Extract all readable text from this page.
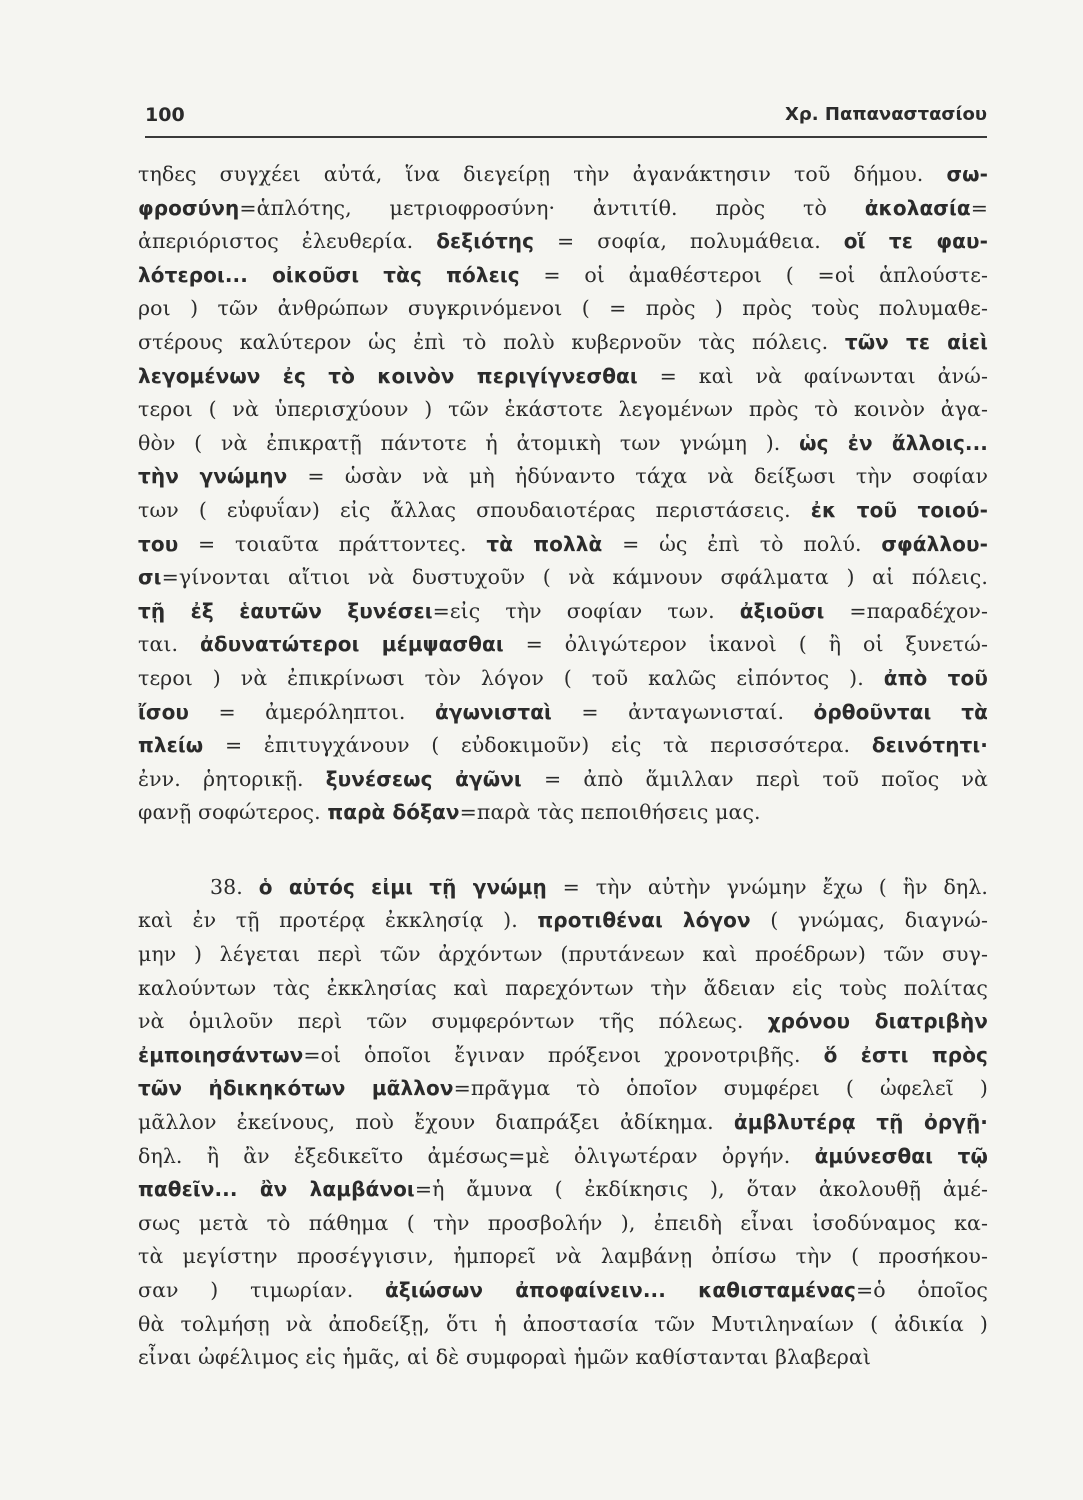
100	Χρ. Παπαναστασίου
τηδες συγχέει αὐτά, ἵνα διεγείρῃ τὴν ἀγανάκτησιν τοῦ δήμου. σω-
φροσύνη=ἁπλότης, μετριοφροσύνη· ἀντιτίθ. πρὸς τὸ ἀκολασία=
ἀπεριόριστος ἐλευθερία. δεξιότης = σοφία, πολυμάθεια. οἵ τε φαυ-
λότεροι... οἰκοῦσι τὰς πόλεις = οἱ ἀμαθέστεροι ( =οἱ ἁπλούστε-
ροι ) τῶν ἀνθρώπων συγκρινόμενοι ( = πρὸς ) πρὸς τοὺς πολυμαθε-
στέρους καλύτερον ὡς ἐπὶ τὸ πολὺ κυβερνοῦν τὰς πόλεις. τῶν τε αἰεὶ
λεγομένων ἐς τὸ κοινὸν περιγίγνεσθαι = καὶ νὰ φαίνωνται ἀνώ-
τεροι ( νὰ ὑπερισχύουν ) τῶν ἑκάστοτε λεγομένων πρὸς τὸ κοινὸν ἀγα-
θὸν ( νὰ ἐπικρατῇ πάντοτε ἡ ἀτομικὴ των γνώμη ). ὡς ἐν ἄλλοις...
τὴν γνώμην = ὡσὰν νὰ μὴ ἠδύναντο τάχα νὰ δείξωσι τὴν σοφίαν
των ( εὐφυΐαν) εἰς ἄλλας σπουδαιοτέρας περιστάσεις. ἐκ τοῦ τοιού-
του = τοιαῦτα πράττοντες. τὰ πολλὰ = ὡς ἐπὶ τὸ πολύ. σφάλλου-
σι=γίνονται αἴτιοι νὰ δυστυχοῦν ( νὰ κάμνουν σφάλματα ) αἱ πόλεις.
τῇ ἐξ ἑαυτῶν ξυνέσει=εἰς τὴν σοφίαν των. ἀξιοῦσι =παραδέχον-
ται. ἀδυνατώτεροι μέμψασθαι = ὀλιγώτερον ἱκανοὶ ( ἢ οἱ ξυνετώ-
τεροι ) νὰ ἐπικρίνωσι τὸν λόγον ( τοῦ καλῶς εἰπόντος ). ἀπὸ τοῦ
ἴσου = ἀμερόληπτοι. ἀγωνισταὶ = ἀνταγωνισταί. ὀρθοῦνται τὰ
πλείω = ἐπιτυγχάνουν ( εὐδοκιμοῦν) εἰς τὰ περισσότερα. δεινότητι·
ἐνν. ῥητορικῇ. ξυνέσεως ἀγῶνι = ἀπὸ ἅμιλλαν περὶ τοῦ ποῖος νὰ
φανῇ σοφώτερος. παρὰ δόξαν=παρὰ τὰς πεποιθήσεις μας.
38. ὁ αὐτός εἰμι τῇ γνώμῃ = τὴν αὐτὴν γνώμην ἔχω ( ἣν δηλ.
καὶ ἐν τῇ προτέρᾳ ἐκκλησίᾳ ). προτιθέναι λόγον ( γνώμας, διαγνώ-
μην ) λέγεται περὶ τῶν ἀρχόντων (πρυτάνεων καὶ προέδρων) τῶν συγ-
καλούντων τὰς ἐκκλησίας καὶ παρεχόντων τὴν ἄδειαν εἰς τοὺς πολίτας
νὰ ὁμιλοῦν περὶ τῶν συμφερόντων τῆς πόλεως. χρόνου διατριβὴν
ἐμποιησάντων=οἱ ὁποῖοι ἔγιναν πρόξενοι χρονοτριβῆς. ὅ ἐστι πρὸς
τῶν ἠδικηκότων μᾶλλον=πρᾶγμα τὸ ὁποῖον συμφέρει ( ὠφελεῖ )
μᾶλλον ἐκείνους, ποὺ ἔχουν διαπράξει ἀδίκημα. ἀμβλυτέρᾳ τῇ ὀργῇ·
δηλ. ἢ ἂν ἐξεδικεῖτο ἀμέσως=μὲ ὀλιγωτέραν ὀργήν. ἀμύνεσθαι τῷ
παθεῖν... ἂν λαμβάνοι=ἡ ἄμυνα ( ἐκδίκησις ), ὅταν ἀκολουθῇ ἀμέ-
σως μετὰ τὸ πάθημα ( τὴν προσβολήν ), ἐπειδὴ εἶναι ἰσοδύναμος κα-
τὰ μεγίστην προσέγγισιν, ἠμπορεῖ νὰ λαμβάνῃ ὀπίσω τὴν ( προσήκου-
σαν ) τιμωρίαν. ἀξιώσων ἀποφαίνειν... καθισταμένας=ὁ ὁποῖος
θὰ τολμήσῃ νὰ ἀποδείξῃ, ὅτι ἡ ἀποστασία τῶν Μυτιληναίων ( ἀδικία )
εἶναι ὠφέλιμος εἰς ἡμᾶς, αἱ δὲ συμφοραὶ ἡμῶν καθίστανται βλαβεραὶ
